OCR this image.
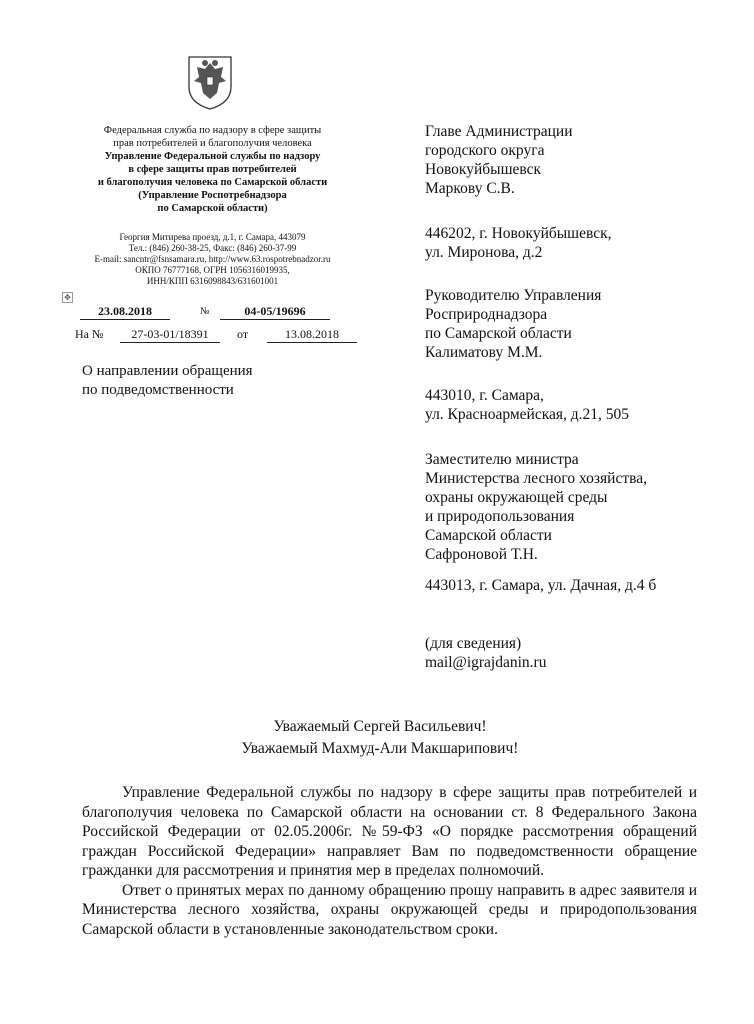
Федеральная служба по надзору в сфере защиты
прав потребителей и благополучия человека
Управление Федеральной службы по надзору
в сфере защиты прав потребителей
и благополучия человека по Самарской области
(Управление Роспотребнадзора
по Самарской области)
Георгия Митирева проезд, д.1, г. Самара, 443079
Тел.: (846) 260-38-25, Факс: (846) 260-37-99
E-mail: sancntr@fsnsamara.ru, http://www.63.rospotrebnadzor.ru
ОКПО 76777168, ОГРН 1056316019935,
ИНН/КПП 6316098843/631601001
✥
23.08.2018	№	04-05/19696
На №	27-03-01/18391	от	13.08.2018
О направлении обращения
по подведомственности
Главе Администрации
городского округа
Новокуйбышевск
Маркову С.В.
446202, г. Новокуйбышевск,
ул. Миронова, д.2
Руководителю Управления
Росприроднадзора
по Самарской области
Калиматову М.М.
443010, г. Самара,
ул. Красноармейская, д.21, 505
Заместителю министра
Министерства лесного хозяйства,
охраны окружающей среды
и природопользования
Самарской области
Сафроновой Т.Н.
443013, г. Самара, ул. Дачная, д.4 б
(для сведения)
mail@igrajdanin.ru
Уважаемый Сергей Васильевич!
Уважаемый Махмуд-Али Макшарипович!

Управление Федеральной службы по надзору в сфере защиты прав потребителей и благополучия человека по Самарской области на основании ст. 8 Федерального Закона Российской Федерации от 02.05.2006г. №59-ФЗ «О порядке рассмотрения обращений граждан Российской Федерации» направляет Вам по подведомственности обращение гражданки для рассмотрения и принятия мер в пределах полномочий.

Ответ о принятых мерах по данному обращению прошу направить в адрес заявителя и Министерства лесного хозяйства, охраны окружающей среды и природопользования Самарской области в установленные законодательством сроки.
